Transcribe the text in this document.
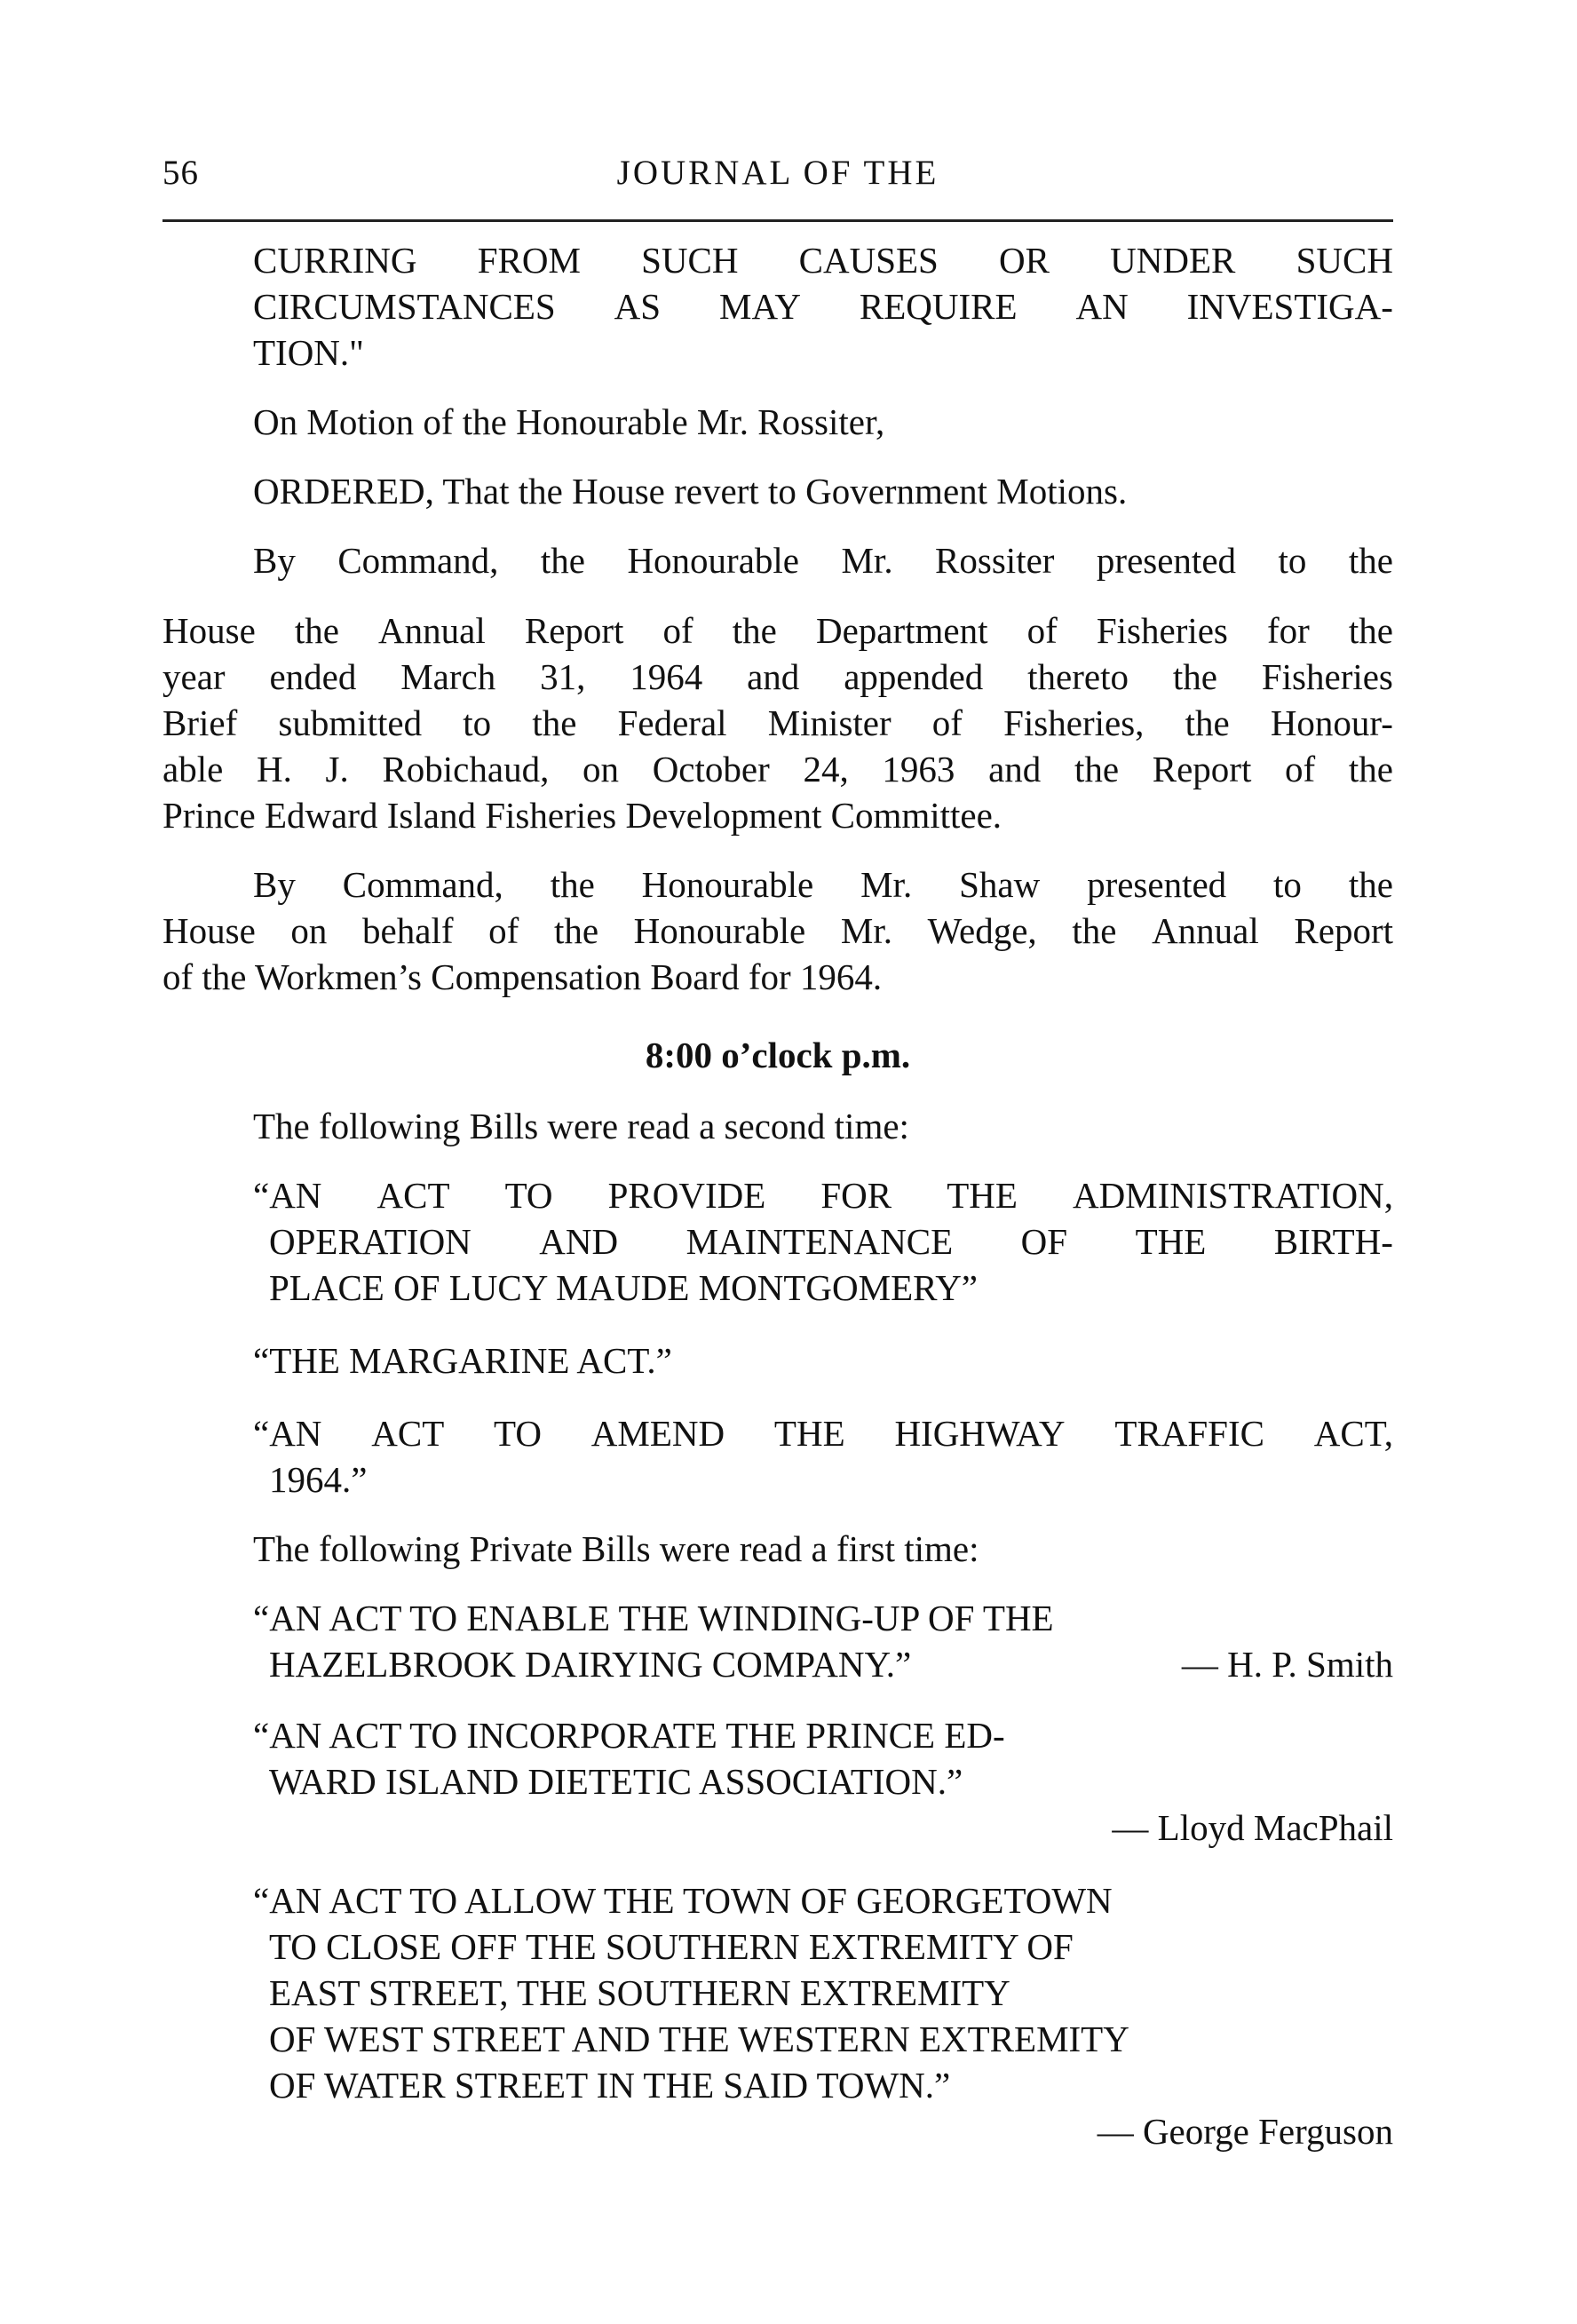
56	JOURNAL OF THE
CURRING FROM SUCH CAUSES OR UNDER SUCH
CIRCUMSTANCES AS MAY REQUIRE AN INVESTIGA-
TION."
On Motion of the Honourable Mr. Rossiter,
ORDERED, That the House revert to Government Motions.
By Command, the Honourable Mr. Rossiter presented to the
House the Annual Report of the Department of Fisheries for the
year ended March 31, 1964 and appended thereto the Fisheries
Brief submitted to the Federal Minister of Fisheries, the Honour-
able H. J. Robichaud, on October 24, 1963 and the Report of the
Prince Edward Island Fisheries Development Committee.
By Command, the Honourable Mr. Shaw presented to the
House on behalf of the Honourable Mr. Wedge, the Annual Report
of the Workmen’s Compensation Board for 1964.
8:00 o’clock p.m.
The following Bills were read a second time:
“AN ACT TO PROVIDE FOR THE ADMINISTRATION,
OPERATION AND MAINTENANCE OF THE BIRTH-
PLACE OF LUCY MAUDE MONTGOMERY”
“THE MARGARINE ACT.”
“AN ACT TO AMEND THE HIGHWAY TRAFFIC ACT,
1964.”
The following Private Bills were read a first time:
“AN ACT TO ENABLE THE WINDING-UP OF THE
HAZELBROOK DAIRYING COMPANY.”	— H. P. Smith
“AN ACT TO INCORPORATE THE PRINCE ED-
WARD ISLAND DIETETIC ASSOCIATION.”
— Lloyd MacPhail
“AN ACT TO ALLOW THE TOWN OF GEORGETOWN
TO CLOSE OFF THE SOUTHERN EXTREMITY OF
EAST STREET, THE SOUTHERN EXTREMITY
OF WEST STREET AND THE WESTERN EXTREMITY
OF WATER STREET IN THE SAID TOWN.”
— George Ferguson
